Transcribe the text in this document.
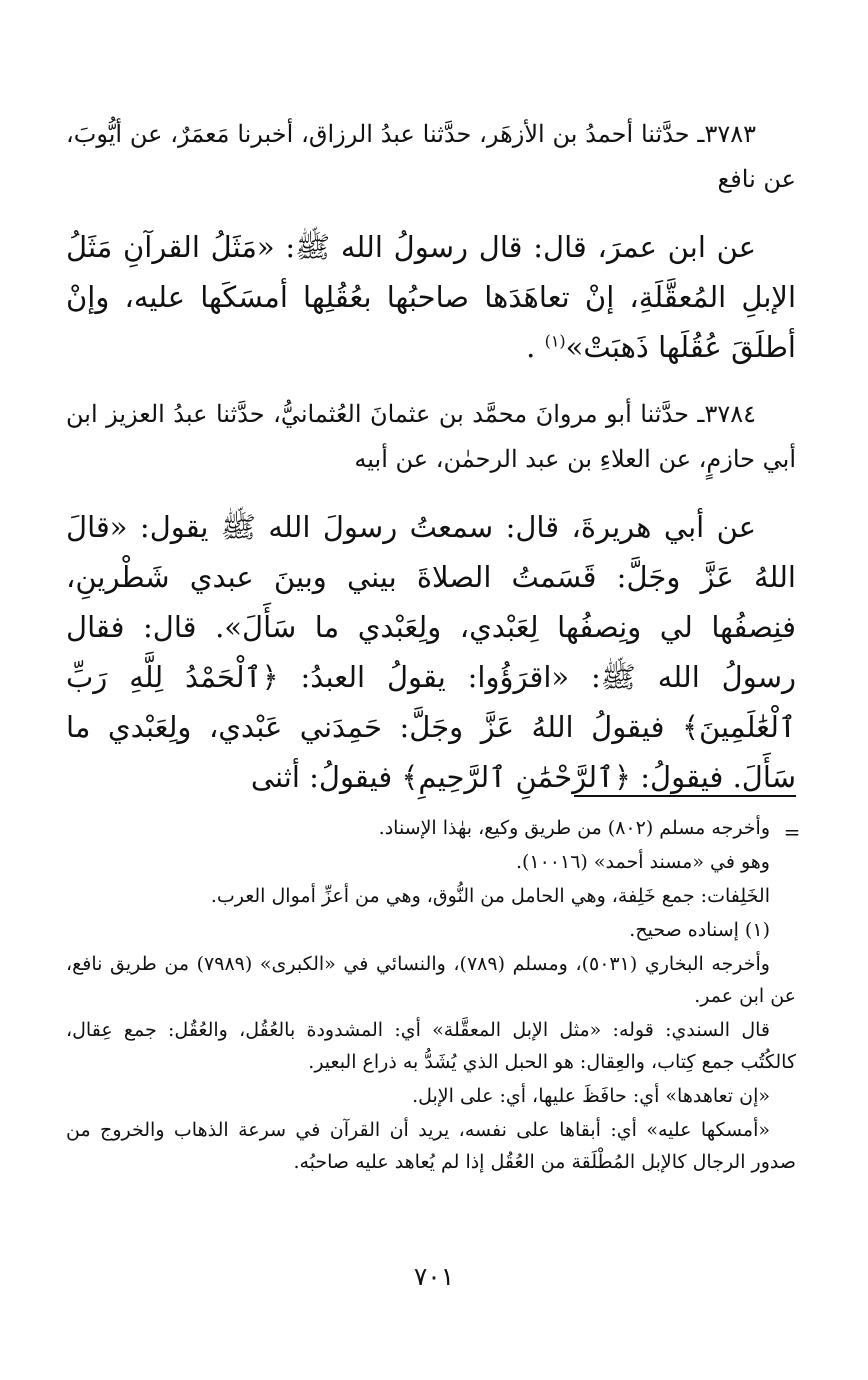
٣٧٨٣ـ حدَّثنا أحمدُ بن الأزهَر، حدَّثنا عبدُ الرزاق، أخبرنا مَعمَرٌ، عن أيُّوبَ، عن نافع

عن ابن عمرَ، قال: قال رسولُ الله ﷺ: «مَثَلُ القرآنِ مَثَلُ الإبلِ المُعقَّلَةِ، إنْ تعاهَدَها صاحبُها بعُقُلِها أمسَكَها عليه، وإنْ أطلَقَ عُقُلَها ذَهبَتْ»$^{(١)}$ .

٣٧٨٤ـ حدَّثنا أبو مروانَ محمَّد بن عثمانَ العُثمانيُّ، حدَّثنا عبدُ العزيز ابن أبي حازمٍ، عن العلاءِ بن عبد الرحمٰن، عن أبيه

عن أبي هريرةَ، قال: سمعتُ رسولَ الله ﷺ يقول: «قالَ اللهُ عَزَّ وجَلَّ: قَسَمتُ الصلاةَ بيني وبينَ عبدي شَطْرينِ، فنِصفُها لي ونِصفُها لِعَبْدي، ولِعَبْدي ما سَأَلَ». قال: فقال رسولُ الله ﷺ: «اقرَؤُوا: يقولُ العبدُ: ﴿ٱلْحَمْدُ لِلَّهِ رَبِّ ٱلْعَٰلَمِينَ﴾ فيقولُ اللهُ عَزَّ وجَلَّ: حَمِدَني عَبْدي، ولِعَبْدي ما سَأَلَ. فيقولُ: ﴿ٱلرَّحْمَٰنِ ٱلرَّحِيمِ﴾ فيقولُ: أثنى

=

وأخرجه مسلم (٨٠٢) من طريق وكيع، بهٰذا الإسناد.

وهو في «مسند أحمد» (١٠٠١٦).

الخَلِفات: جمع خَلِفة، وهي الحامل من النُّوق، وهي من أعزِّ أموال العرب.

(١) إسناده صحيح.

وأخرجه البخاري (٥٠٣١)، ومسلم (٧٨٩)، والنسائي في «الكبرى» (٧٩٨٩) من طريق نافع، عن ابن عمر.

قال السندي: قوله: «مثل الإبل المعقَّلة» أي: المشدودة بالعُقُل، والعُقُل: جمع عِقال، كالكُتُب جمع كِتاب، والعِقال: هو الحبل الذي يُشَدُّ به ذراع البعير.

«إن تعاهدها» أي: حافَظَ عليها، أي: على الإبل.

«أمسكها عليه» أي: أبقاها على نفسه، يريد أن القرآن في سرعة الذهاب والخروج من صدور الرجال كالإبل المُطْلَقة من العُقُل إذا لم يُعاهد عليه صاحبُه.

٧٠١
